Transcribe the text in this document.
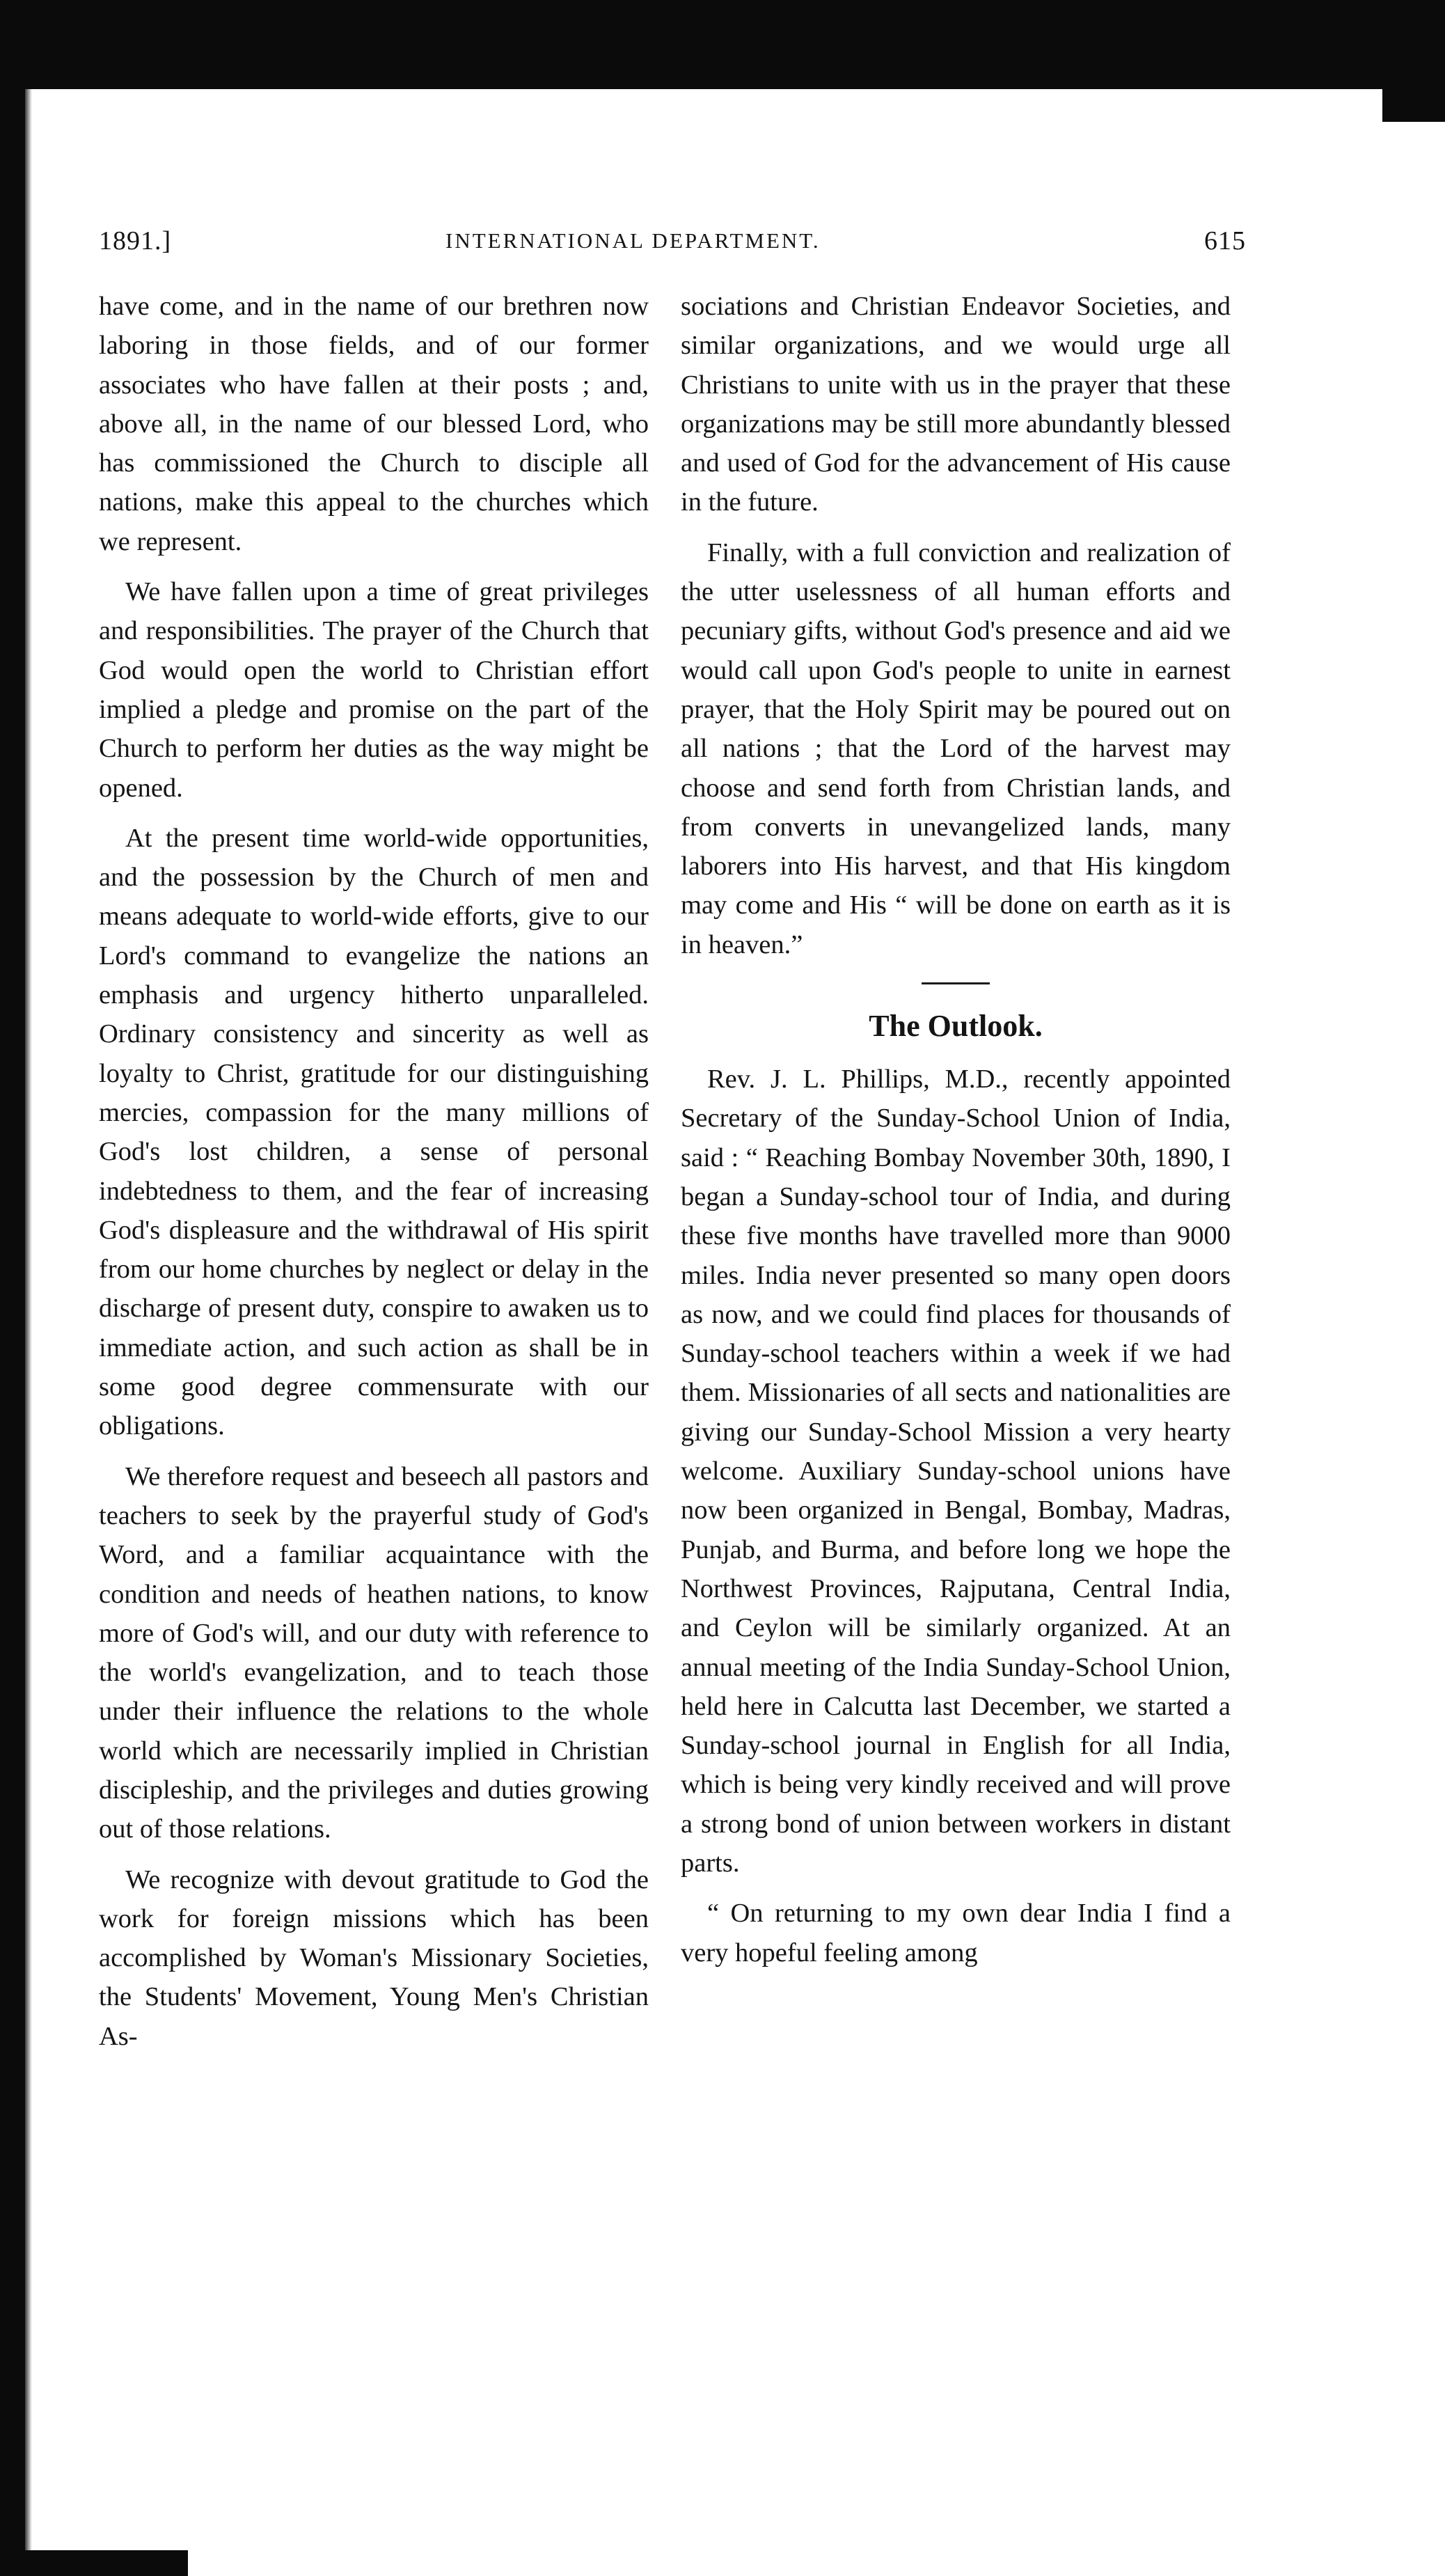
1891.]	INTERNATIONAL DEPARTMENT.	615

have come, and in the name of our brethren now laboring in those fields, and of our former associates who have fallen at their posts ; and, above all, in the name of our blessed Lord, who has commissioned the Church to disciple all nations, make this appeal to the churches which we represent.

We have fallen upon a time of great privileges and responsibilities. The prayer of the Church that God would open the world to Christian effort implied a pledge and promise on the part of the Church to perform her duties as the way might be opened.

At the present time world-wide opportunities, and the possession by the Church of men and means adequate to world-wide efforts, give to our Lord's command to evangelize the nations an emphasis and urgency hitherto unparalleled. Ordinary consistency and sincerity as well as loyalty to Christ, gratitude for our distinguishing mercies, compassion for the many millions of God's lost children, a sense of personal indebtedness to them, and the fear of increasing God's displeasure and the withdrawal of His spirit from our home churches by neglect or delay in the discharge of present duty, conspire to awaken us to immediate action, and such action as shall be in some good degree commensurate with our obligations.

We therefore request and beseech all pastors and teachers to seek by the prayerful study of God's Word, and a familiar acquaintance with the condition and needs of heathen nations, to know more of God's will, and our duty with reference to the world's evangelization, and to teach those under their influence the relations to the whole world which are necessarily implied in Christian discipleship, and the privileges and duties growing out of those relations.

We recognize with devout gratitude to God the work for foreign missions which has been accomplished by Woman's Missionary Societies, the Students' Movement, Young Men's Christian As-

sociations and Christian Endeavor Societies, and similar organizations, and we would urge all Christians to unite with us in the prayer that these organizations may be still more abundantly blessed and used of God for the advancement of His cause in the future.

Finally, with a full conviction and realization of the utter uselessness of all human efforts and pecuniary gifts, without God's presence and aid we would call upon God's people to unite in earnest prayer, that the Holy Spirit may be poured out on all nations ; that the Lord of the harvest may choose and send forth from Christian lands, and from converts in unevangelized lands, many laborers into His harvest, and that His kingdom may come and His “ will be done on earth as it is in heaven.”

The Outlook.

Rev. J. L. Phillips, M.D., recently appointed Secretary of the Sunday-School Union of India, said : “ Reaching Bombay November 30th, 1890, I began a Sunday-school tour of India, and during these five months have travelled more than 9000 miles. India never presented so many open doors as now, and we could find places for thousands of Sunday-school teachers within a week if we had them. Missionaries of all sects and nationalities are giving our Sunday-School Mission a very hearty welcome. Auxiliary Sunday-school unions have now been organized in Bengal, Bombay, Madras, Punjab, and Burma, and before long we hope the Northwest Provinces, Rajputana, Central India, and Ceylon will be similarly organized. At an annual meeting of the India Sunday-School Union, held here in Calcutta last December, we started a Sunday-school journal in English for all India, which is being very kindly received and will prove a strong bond of union between workers in distant parts.

“ On returning to my own dear India I find a very hopeful feeling among
